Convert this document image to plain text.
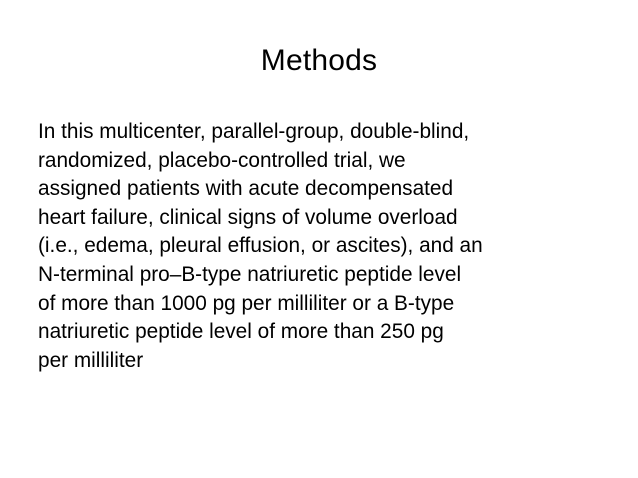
Methods

In this multicenter, parallel-group, double-blind,
randomized, placebo-controlled trial, we
assigned patients with acute decompensated
heart failure, clinical signs of volume overload
(i.e., edema, pleural effusion, or ascites), and an
N-terminal pro–B-type natriuretic peptide level
of more than 1000 pg per milliliter or a B-type
natriuretic peptide level of more than 250 pg
per milliliter
